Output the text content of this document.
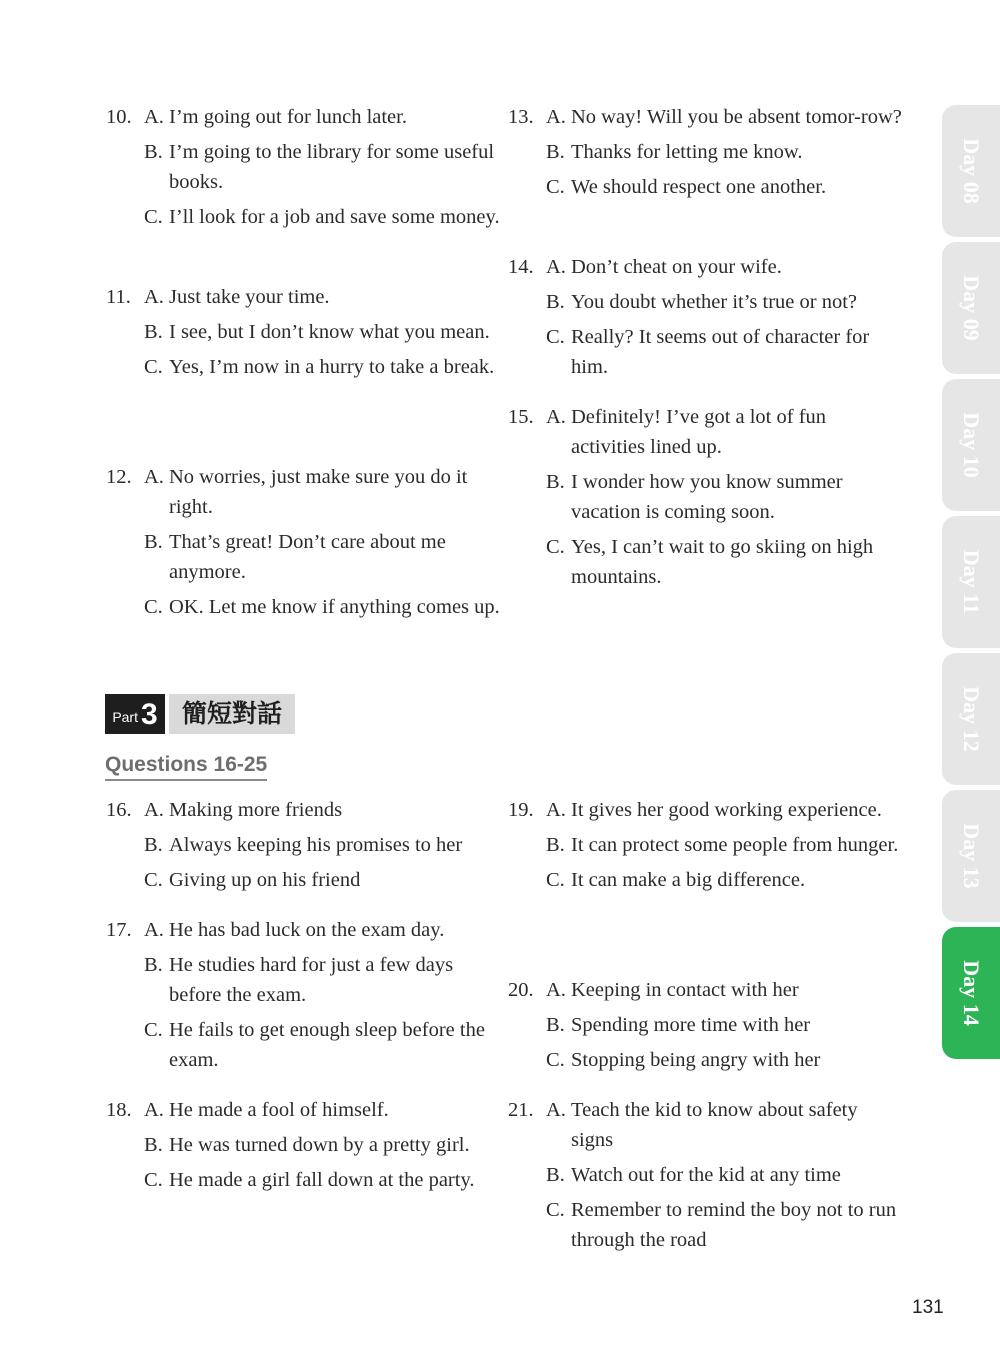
10. A. I’m going out for lunch later.
B. I’m going to the library for some useful books.
C. I’ll look for a job and save some money.
11. A. Just take your time.
B. I see, but I don’t know what you mean.
C. Yes, I’m now in a hurry to take a break.
12. A. No worries, just make sure you do it right.
B. That’s great! Don’t care about me anymore.
C. OK. Let me know if anything comes up.
13. A. No way! Will you be absent tomor-row?
B. Thanks for letting me know.
C. We should respect one another.
14. A. Don’t cheat on your wife.
B. You doubt whether it’s true or not?
C. Really? It seems out of character for him.
15. A. Definitely! I’ve got a lot of fun activities lined up.
B. I wonder how you know summer vacation is coming soon.
C. Yes, I can’t wait to go skiing on high mountains.
Part 3 簡短對話
Questions 16-25
16. A. Making more friends
B. Always keeping his promises to her
C. Giving up on his friend
17. A. He has bad luck on the exam day.
B. He studies hard for just a few days before the exam.
C. He fails to get enough sleep before the exam.
18. A. He made a fool of himself.
B. He was turned down by a pretty girl.
C. He made a girl fall down at the party.
19. A. It gives her good working experience.
B. It can protect some people from hunger.
C. It can make a big difference.
20. A. Keeping in contact with her
B. Spending more time with her
C. Stopping being angry with her
21. A. Teach the kid to know about safety signs
B. Watch out for the kid at any time
C. Remember to remind the boy not to run through the road
Day 08
Day 09
Day 10
Day 11
Day 12
Day 13
Day 14
131
